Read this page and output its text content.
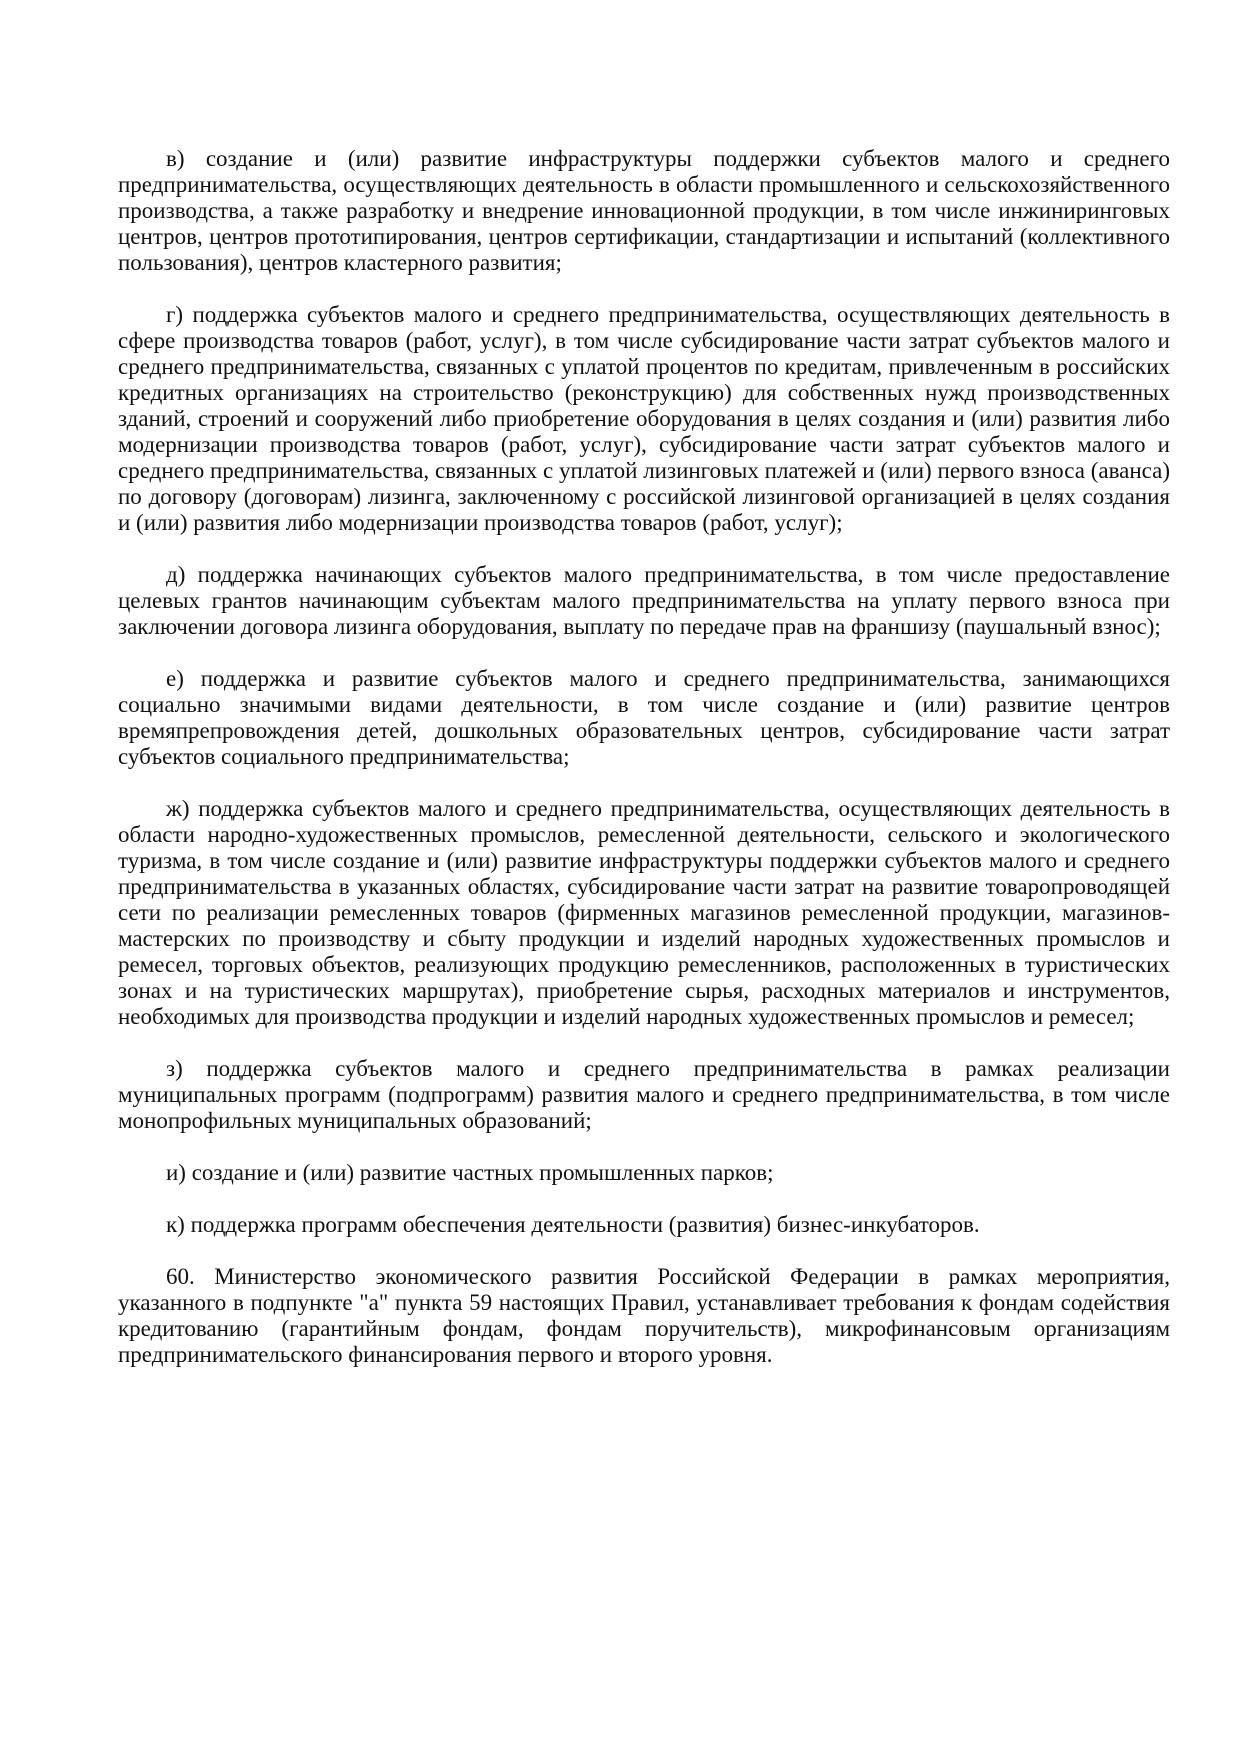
в) создание и (или) развитие инфраструктуры поддержки субъектов малого и среднего предпринимательства, осуществляющих деятельность в области промышленного и сельскохозяйственного производства, а также разработку и внедрение инновационной продукции, в том числе инжиниринговых центров, центров прототипирования, центров сертификации, стандартизации и испытаний (коллективного пользования), центров кластерного развития;

г) поддержка субъектов малого и среднего предпринимательства, осуществляющих деятельность в сфере производства товаров (работ, услуг), в том числе субсидирование части затрат субъектов малого и среднего предпринимательства, связанных с уплатой процентов по кредитам, привлеченным в российских кредитных организациях на строительство (реконструкцию) для собственных нужд производственных зданий, строений и сооружений либо приобретение оборудования в целях создания и (или) развития либо модернизации производства товаров (работ, услуг), субсидирование части затрат субъектов малого и среднего предпринимательства, связанных с уплатой лизинговых платежей и (или) первого взноса (аванса) по договору (договорам) лизинга, заключенному с российской лизинговой организацией в целях создания и (или) развития либо модернизации производства товаров (работ, услуг);

д) поддержка начинающих субъектов малого предпринимательства, в том числе предоставление целевых грантов начинающим субъектам малого предпринимательства на уплату первого взноса при заключении договора лизинга оборудования, выплату по передаче прав на франшизу (паушальный взнос);

е) поддержка и развитие субъектов малого и среднего предпринимательства, занимающихся социально значимыми видами деятельности, в том числе создание и (или) развитие центров времяпрепровождения детей, дошкольных образовательных центров, субсидирование части затрат субъектов социального предпринимательства;

ж) поддержка субъектов малого и среднего предпринимательства, осуществляющих деятельность в области народно-художественных промыслов, ремесленной деятельности, сельского и экологического туризма, в том числе создание и (или) развитие инфраструктуры поддержки субъектов малого и среднего предпринимательства в указанных областях, субсидирование части затрат на развитие товаропроводящей сети по реализации ремесленных товаров (фирменных магазинов ремесленной продукции, магазинов-мастерских по производству и сбыту продукции и изделий народных художественных промыслов и ремесел, торговых объектов, реализующих продукцию ремесленников, расположенных в туристических зонах и на туристических маршрутах), приобретение сырья, расходных материалов и инструментов, необходимых для производства продукции и изделий народных художественных промыслов и ремесел;

з) поддержка субъектов малого и среднего предпринимательства в рамках реализации муниципальных программ (подпрограмм) развития малого и среднего предпринимательства, в том числе монопрофильных муниципальных образований;

и) создание и (или) развитие частных промышленных парков;

к) поддержка программ обеспечения деятельности (развития) бизнес-инкубаторов.

60. Министерство экономического развития Российской Федерации в рамках мероприятия, указанного в подпункте "а" пункта 59 настоящих Правил, устанавливает требования к фондам содействия кредитованию (гарантийным фондам, фондам поручительств), микрофинансовым организациям предпринимательского финансирования первого и второго уровня.
